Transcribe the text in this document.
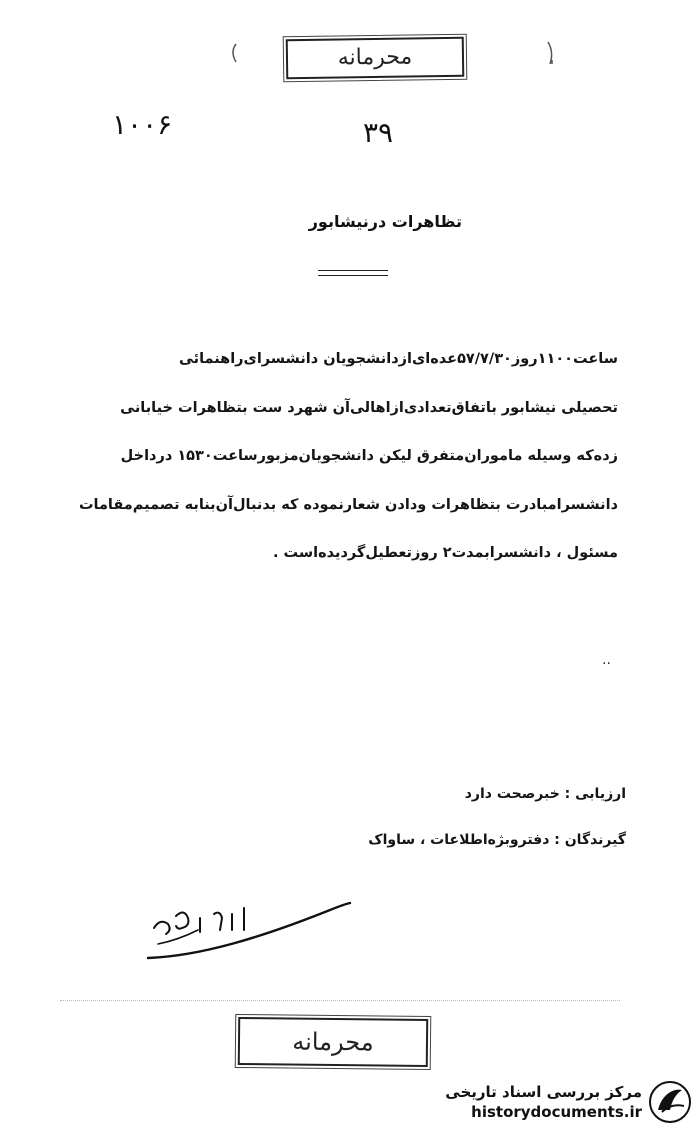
محرمانه
۱۰۰۶	۳۹
تظاهرات درنیشابور
ساعت۱۱۰۰روز۵۷/۷/۳۰عده‌ای‌ازدانشجویان دانشسرای‌راهنمائی
تحصیلی نیشابور باتفاق‌تعدادی‌ازاهالی‌آن شهرد ست بتظاهرات خیابانی
زده‌که وسیله ماموران‌متفرق لیکن دانشجویان‌مزبورساعت۱۵۳۰ درداخل
دانشسرامبادرت بتظاهرات ودادن شعارنموده که بدنبال‌آن‌بنابه تصمیم‌مقامات
مسئول ، دانشسرابمدت۲ روزتعطیل‌گردیده‌است .
..
ارزیابی : خبرصحت دارد
گیرندگان : دفتروبژه‌اطلاعات ، ساواک
محرمانه
مرکز بررسی اسناد تاریخی
historydocuments.ir
